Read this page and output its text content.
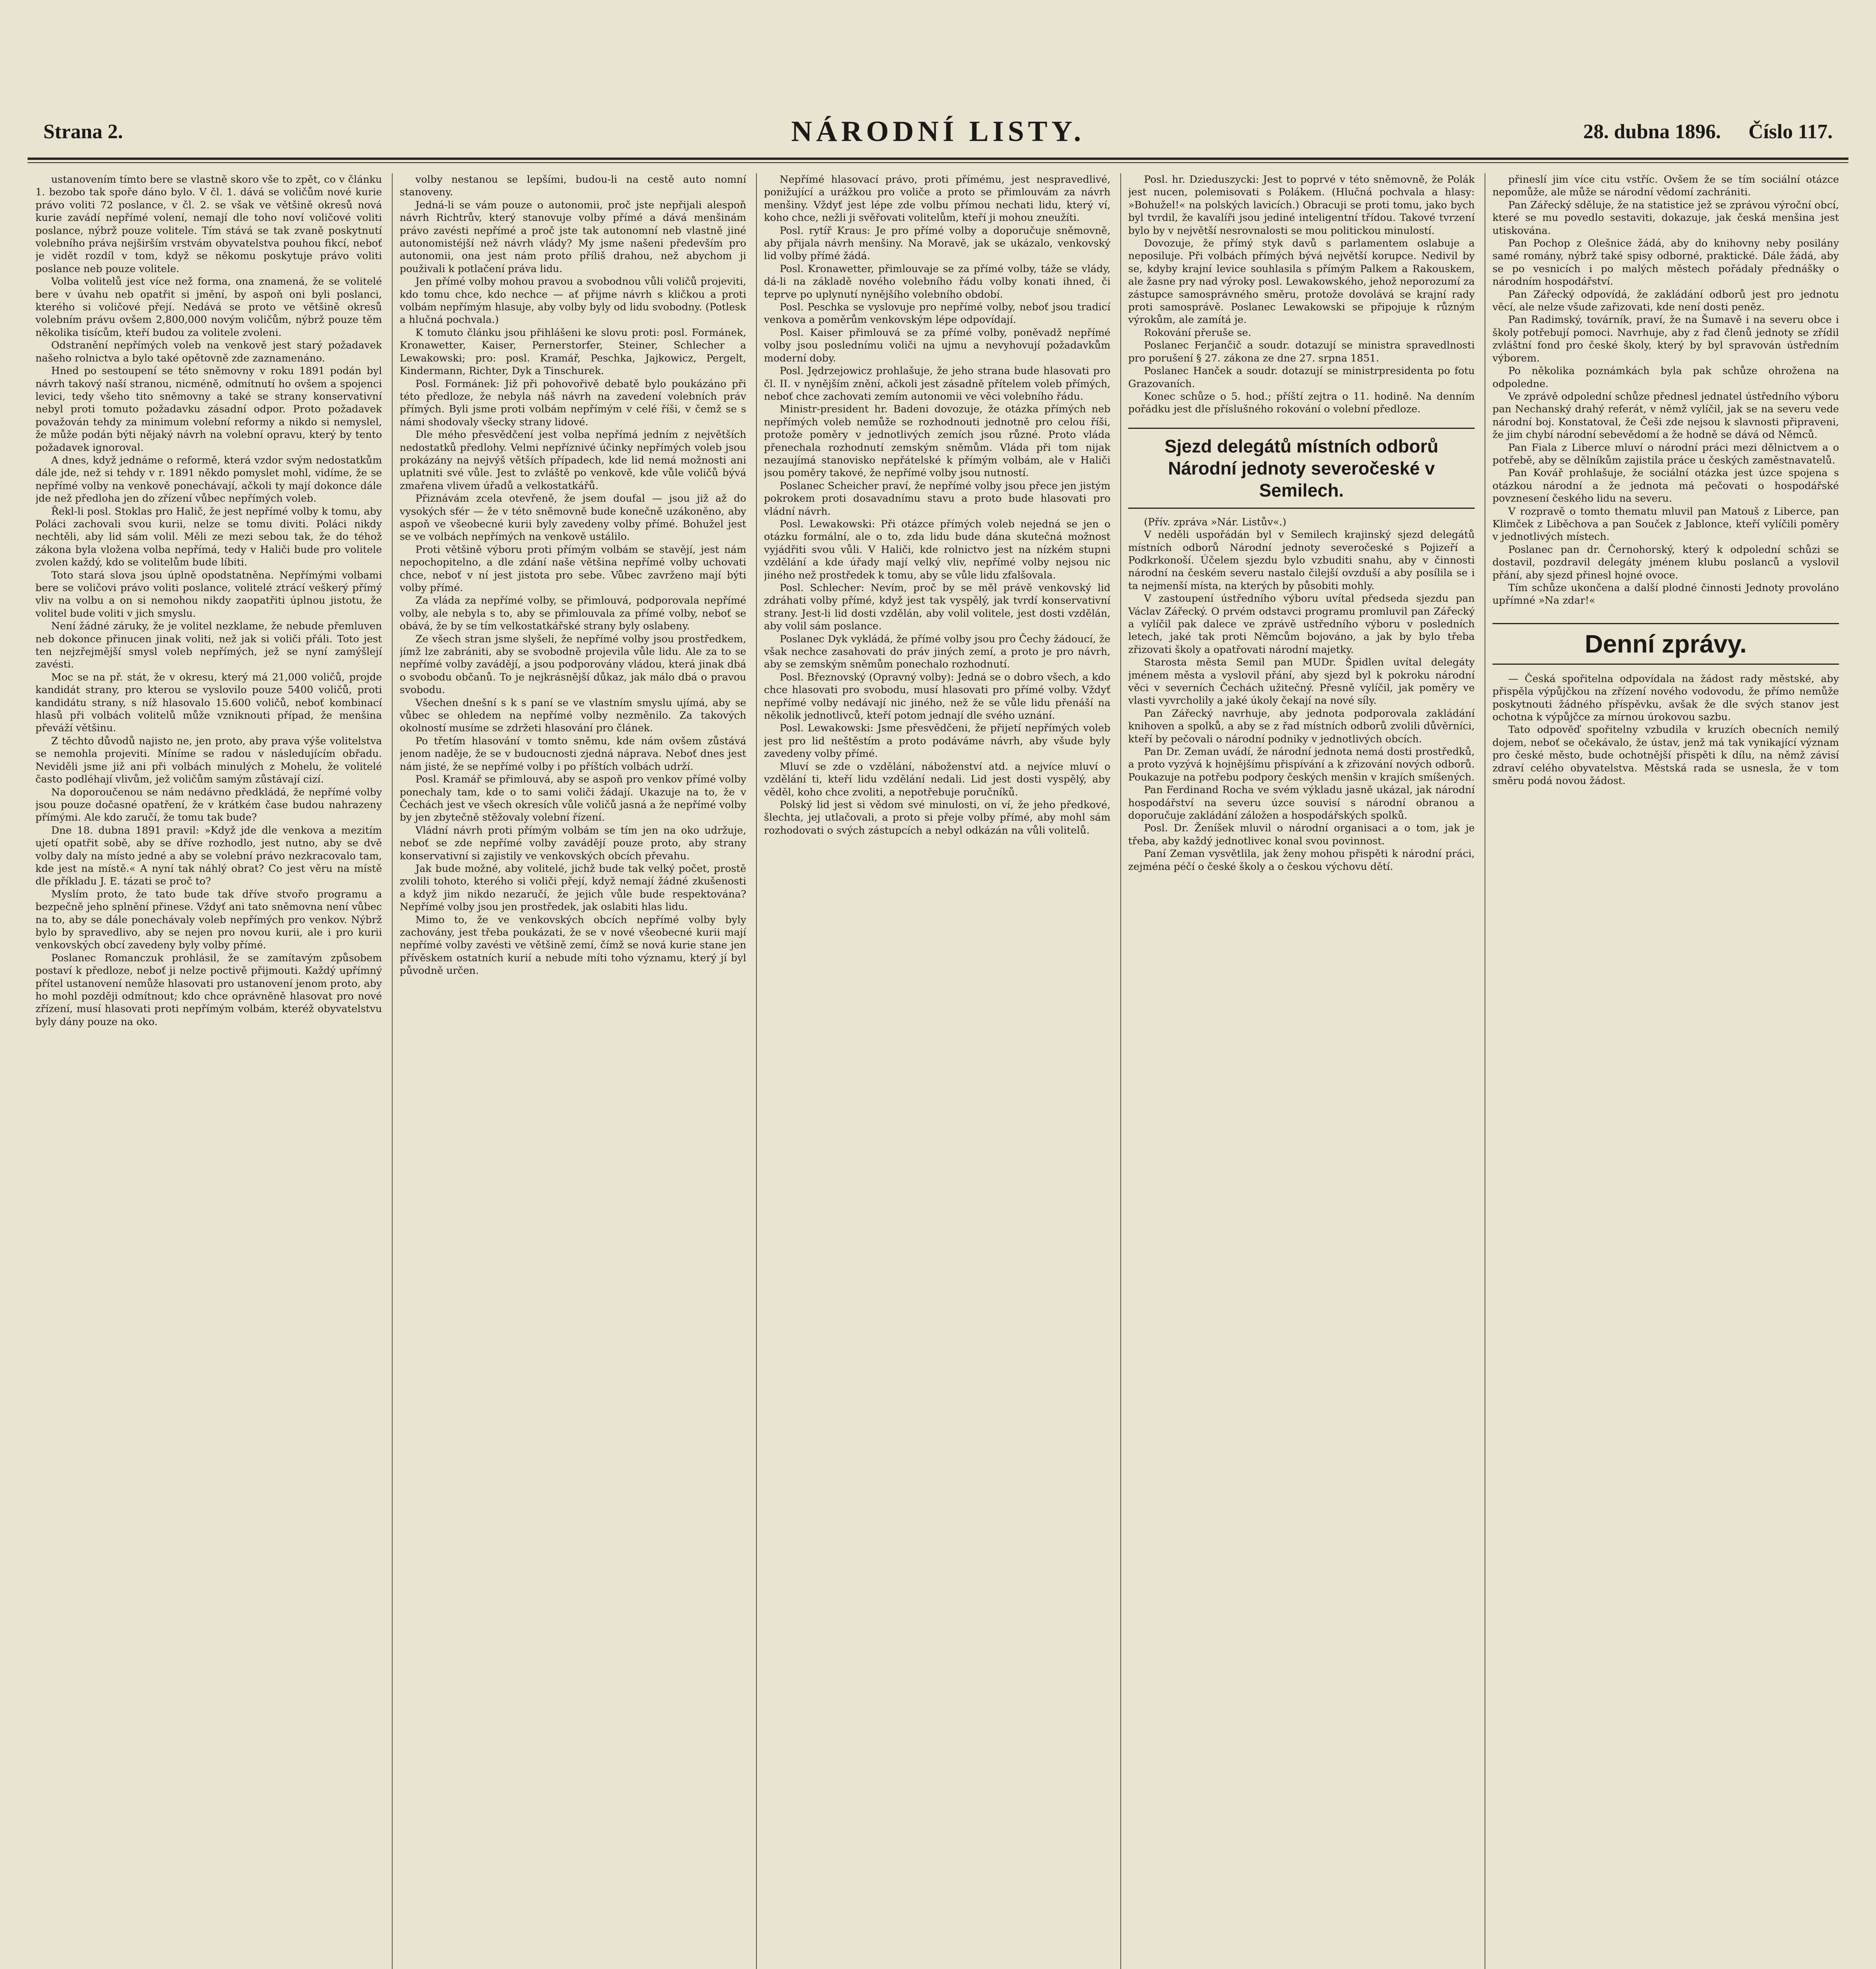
Strana 2.	NÁRODNÍ LISTY.	28. dubna 1896. Číslo 117.

ustanovením tímto bere se vlastně skoro vše to zpět, co v článku 1. bezobo tak spoře dáno bylo. V čl. 1. dává se voličům nové kurie právo voliti 72 poslance, v čl. 2. se však ve většině okresů nová kurie zavádí nepřímé volení, nemají dle toho noví voličové voliti poslance, nýbrž pouze volitele. Tím stává se tak zvaně poskytnutí volebního práva nejširším vrstvám obyvatelstva pouhou fikcí, neboť je vidět rozdíl v tom, když se někomu poskytuje právo voliti poslance neb pouze volitele.

Volba volitelů jest více než forma, ona znamená, že se volitelé bere v úvahu neb opatřit si jmění, by aspoň oni byli poslanci, kterého si voličové přejí. Nedává se proto ve většině okresů volebním právu ovšem 2,800,000 novým voličům, nýbrž pouze těm několika tisícům, kteří budou za volitele zvoleni.

Odstranění nepřímých voleb na venkově jest starý požadavek našeho rolnictva a bylo také opětovně zde zaznamenáno.

Hned po sestoupení se této sněmovny v roku 1891 podán byl návrh takový naší stranou, nicméně, odmítnutí ho ovšem a spojenci levici, tedy všeho tito sněmovny a také se strany konservativní nebyl proti tomuto požadavku zásadní odpor. Proto požadavek považován tehdy za minimum volební reformy a nikdo si nemyslel, že může podán býti nějaký návrh na volební opravu, který by tento požadavek ignoroval.

A dnes, když jednáme o reformě, která vzdor svým nedostatkům dále jde, než si tehdy v r. 1891 někdo pomyslet mohl, vidíme, že se nepřímé volby na venkově ponechávají, ačkoli ty mají dokonce dále jde než předloha jen do zřízení vůbec nepřímých voleb.

Řekl-li posl. Stoklas pro Halič, že jest nepřímé volby k tomu, aby Poláci zachovali svou kurii, nelze se tomu diviti. Poláci nikdy nechtěli, aby lid sám volil. Měli ze mezi sebou tak, že do téhož zákona byla vložena volba nepřímá, tedy v Haliči bude pro volitele zvolen každý, kdo se volitelům bude líbiti.

Toto stará slova jsou úplně opodstatněna. Nepřímými volbami bere se voličovi právo voliti poslance, volitelé ztrácí veškerý přímý vliv na volbu a on si nemohou nikdy zaopatřiti úplnou jistotu, že volitel bude voliti v jich smyslu.

Není žádné záruky, že je volitel nezklame, že nebude přemluven neb dokonce přinucen jinak voliti, než jak si voliči přáli. Toto jest ten nejzřejmější smysl voleb nepřímých, jež se nyní zamýšlejí zavésti.

Moc se na př. stát, že v okresu, který má 21,000 voličů, projde kandidát strany, pro kterou se vyslovilo pouze 5400 voličů, proti kandidátu strany, s níž hlasovalo 15.600 voličů, neboť kombinací hlasů při volbách volitelů může vzniknouti případ, že menšina převáží většinu.

Z těchto důvodů najisto ne, jen proto, aby prava výše volitelstva se nemohla projeviti. Míníme se radou v následujícím obřadu. Neviděli jsme již ani při volbách minulých z Mohelu, že volitelé často podléhají vlivům, jež voličům samým zůstávají cizí.

Na doporoučenou se nám nedávno předkládá, že nepřímé volby jsou pouze dočasné opatření, že v krátkém čase budou nahrazeny přímými. Ale kdo zaručí, že tomu tak bude?

Dne 18. dubna 1891 pravil: »Když jde dle venkova a mezitím ujetí opatřit sobě, aby se dříve rozhodlo, jest nutno, aby se dvě volby daly na místo jedné a aby se volební právo nezkracovalo tam, kde jest na místě.« A nyní tak náhlý obrat? Co jest věru na místě dle příkladu J. E. tázati se proč to?

Myslím proto, že tato bude tak dříve stvořo programu a bezpečně jeho splnění přinese. Vždyť ani tato sněmovna není vůbec na to, aby se dále ponechávaly voleb nepřímých pro venkov. Nýbrž bylo by spravedlivo, aby se nejen pro novou kurii, ale i pro kurii venkovských obcí zavedeny byly volby přímé.

Poslanec Romanczuk prohlásil, že se zamítavým způsobem postaví k předloze, neboť ji nelze poctivě přijmouti. Každý upřímný přítel ustanovení nemůže hlasovati pro ustanovení jenom proto, aby ho mohl později odmítnout; kdo chce oprávněně hlasovat pro nové zřízení, musí hlasovati proti nepřímým volbám, kteréž obyvatelstvu byly dány pouze na oko.

volby nestanou se lepšími, budou-li na cestě auto nomní stanoveny.

Jedná-li se vám pouze o autonomii, proč jste nepřijali alespoň návrh Richtrův, který stanovuje volby přímé a dává menšinám právo zavésti nepřímé a proč jste tak autonomní neb vlastně jiné autonomistéjší než návrh vlády? My jsme našeni především pro autonomii, ona jest nám proto příliš drahou, než abychom ji použivali k potlačení práva lidu.

Jen přímé volby mohou pravou a svobodnou vůli voličů projeviti, kdo tomu chce, kdo nechce — ať přijme návrh s kličkou a proti volbám nepřímým hlasuje, aby volby byly od lidu svobodny. (Potlesk a hlučná pochvala.)

K tomuto článku jsou přihlášeni ke slovu proti: posl. Formánek, Kronawetter, Kaiser, Pernerstorfer, Steiner, Schlecher a Lewakowski; pro: posl. Kramář, Peschka, Jajkowicz, Pergelt, Kindermann, Richter, Dyk a Tinschurek.

Posl. Formánek: Již při pohovořivě debatě bylo poukázáno při této předloze, že nebyla náš návrh na zavedení volebních práv přímých. Byli jsme proti volbám nepřímým v celé říši, v čemž se s námi shodovaly všecky strany lidové.

Dle mého přesvědčení jest volba nepřímá jedním z největších nedostatků předlohy. Velmi nepříznivé účinky nepřímých voleb jsou prokázány na nejvýš větších případech, kde lid nemá možnosti ani uplatniti své vůle. Jest to zvláště po venkově, kde vůle voličů bývá zmařena vlivem úřadů a velkostatkářů.

Přiznávám zcela otevřeně, že jsem doufal — jsou již až do vysokých sfér — že v této sněmovně bude konečně uzákoněno, aby aspoň ve všeobecné kurii byly zavedeny volby přímé. Bohužel jest se ve volbách nepřímých na venkově ustálilo.

Proti většině výboru proti přímým volbám se stavějí, jest nám nepochopitelno, a dle zdání naše většina nepřímé volby uchovati chce, neboť v ní jest jistota pro sebe. Vůbec zavrženo mají býti volby přímé.

Za vláda za nepřímé volby, se přimlouvá, podporovala nepřímé volby, ale nebyla s to, aby se přimlouvala za přímé volby, neboť se obává, že by se tím velkostatkářské strany byly oslabeny.

Ze všech stran jsme slyšeli, že nepřímé volby jsou prostředkem, jímž lze zabrániti, aby se svobodně projevila vůle lidu. Ale za to se nepřímé volby zavádějí, a jsou podporovány vládou, která jinak dbá o svobodu občanů. To je nejkrásnější důkaz, jak málo dbá o pravou svobodu.

Všechen dnešní s k s paní se ve vlastním smyslu ujímá, aby se vůbec se ohledem na nepřímé volby nezměnilo. Za takových okolností musíme se zdržeti hlasování pro článek.

Po třetím hlasování v tomto sněmu, kde nám ovšem zůstává jenom naděje, že se v budoucnosti zjedná náprava. Neboť dnes jest nám jisté, že se nepřímé volby i po příštích volbách udrží.

Posl. Kramář se přimlouvá, aby se aspoň pro venkov přímé volby ponechaly tam, kde o to sami voliči žádají. Ukazuje na to, že v Čechách jest ve všech okresích vůle voličů jasná a že nepřímé volby by jen zbytečně stěžovaly volební řízení.

Vládní návrh proti přímým volbám se tím jen na oko udržuje, neboť se zde nepřímé volby zavádějí pouze proto, aby strany konservativní si zajistily ve venkovských obcích převahu.

Jak bude možné, aby volitelé, jichž bude tak velký počet, prostě zvolili tohoto, kterého si voliči přejí, když nemají žádné zkušenosti a když jim nikdo nezaručí, že jejich vůle bude respektována? Nepřímé volby jsou jen prostředek, jak oslabiti hlas lidu.

Mimo to, že ve venkovských obcích nepřímé volby byly zachovány, jest třeba poukázati, že se v nové všeobecné kurii mají nepřímé volby zavésti ve většině zemí, čímž se nová kurie stane jen přívěskem ostatních kurií a nebude míti toho významu, který jí byl původně určen.

Nepřímé hlasovací právo, proti přímému, jest nespravedlivé, ponižující a urážkou pro voliče a proto se přimlouvám za návrh menšiny. Vždyť jest lépe zde volbu přímou nechati lidu, který ví, koho chce, nežli ji svěřovati volitelům, kteří ji mohou zneužíti.

Posl. rytíř Kraus: Je pro přímé volby a doporučuje sněmovně, aby přijala návrh menšiny. Na Moravě, jak se ukázalo, venkovský lid volby přímé žádá.

Posl. Kronawetter, přimlouvaje se za přímé volby, táže se vlády, dá-li na základě nového volebního řádu volby konati ihned, či teprve po uplynutí nynějšího volebního období.

Posl. Peschka se vyslovuje pro nepřímé volby, neboť jsou tradicí venkova a poměrům venkovským lépe odpovídají.

Posl. Kaiser přimlouvá se za přímé volby, poněvadž nepřímé volby jsou poslednímu voliči na ujmu a nevyhovují požadavkům moderní doby.

Posl. Jędrzejowicz prohlašuje, že jeho strana bude hlasovati pro čl. II. v nynějším znění, ačkoli jest zásadně přítelem voleb přímých, neboť chce zachovati zemím autonomii ve věci volebního řádu.

Ministr-president hr. Badeni dovozuje, že otázka přímých neb nepřímých voleb nemůže se rozhodnouti jednotně pro celou říši, protože poměry v jednotlivých zemích jsou různé. Proto vláda přenechala rozhodnutí zemským sněmům. Vláda při tom nijak nezaujímá stanovisko nepřátelské k přímým volbám, ale v Haliči jsou poměry takové, že nepřímé volby jsou nutností.

Poslanec Scheicher praví, že nepřímé volby jsou přece jen jistým pokrokem proti dosavadnímu stavu a proto bude hlasovati pro vládní návrh.

Posl. Lewakowski: Při otázce přímých voleb nejedná se jen o otázku formální, ale o to, zda lidu bude dána skutečná možnost vyjádřiti svou vůli. V Haliči, kde rolnictvo jest na nízkém stupni vzdělání a kde úřady mají velký vliv, nepřímé volby nejsou nic jiného než prostředek k tomu, aby se vůle lidu zfalšovala.

Posl. Schlecher: Nevím, proč by se měl právě venkovský lid zdráhati volby přímé, když jest tak vyspělý, jak tvrdí konservativní strany. Jest-li lid dosti vzdělán, aby volil volitele, jest dosti vzdělán, aby volil sám poslance.

Poslanec Dyk vykládá, že přímé volby jsou pro Čechy žádoucí, že však nechce zasahovati do práv jiných zemí, a proto je pro návrh, aby se zemským sněmům ponechalo rozhodnutí.

Posl. Březnovský (Opravný volby): Jedná se o dobro všech, a kdo chce hlasovati pro svobodu, musí hlasovati pro přímé volby. Vždyť nepřímé volby nedávají nic jiného, než že se vůle lidu přenáší na několik jednotlivců, kteří potom jednají dle svého uznání.

Posl. Lewakowski: Jsme přesvědčeni, že přijetí nepřímých voleb jest pro lid neštěstím a proto podáváme návrh, aby všude byly zavedeny volby přímé.

Mluví se zde o vzdělání, náboženství atd. a nejvíce mluví o vzdělání ti, kteří lidu vzdělání nedali. Lid jest dosti vyspělý, aby věděl, koho chce zvoliti, a nepotřebuje poručníků.

Polský lid jest si vědom své minulosti, on ví, že jeho předkové, šlechta, jej utlačovali, a proto si přeje volby přímé, aby mohl sám rozhodovati o svých zástupcích a nebyl odkázán na vůli volitelů.

Posl. hr. Dzieduszycki: Jest to poprvé v této sněmovně, že Polák jest nucen, polemisovati s Polákem. (Hlučná pochvala a hlasy: »Bohužel!« na polských lavicích.) Obracuji se proti tomu, jako bych byl tvrdil, že kavalíři jsou jediné inteligentní třídou. Takové tvrzení bylo by v největší nesrovnalosti se mou politickou minulostí.

Dovozuje, že přímý styk davů s parlamentem oslabuje a neposiluje. Při volbách přímých bývá největší korupce. Nedivil by se, kdyby krajní levice souhlasila s přímým Palkem a Rakouskem, ale žasne pry nad výroky posl. Lewakowského, jehož neporozumí za zástupce samosprávného směru, protože dovolává se krajní rady proti samosprávě. Poslanec Lewakowski se připojuje k různým výrokům, ale zamítá je.

Rokování přeruše se.

Poslanec Ferjančič a soudr. dotazují se ministra spravedlnosti pro porušení § 27. zákona ze dne 27. srpna 1851.

Poslanec Hanček a soudr. dotazují se ministrpresidenta po fotu Grazovaních.

Konec schůze o 5. hod.; příští zejtra o 11. hodině. Na denním pořádku jest dle příslušného rokování o volební předloze.

Sjezd delegátů místních odborů Národní jednoty severočeské v Semilech.

(Přív. zpráva »Nár. Listův«.)

V neděli uspořádán byl v Semilech krajinský sjezd delegátů místních odborů Národní jednoty severočeské s Pojizeří a Podkrkonoší. Účelem sjezdu bylo vzbuditi snahu, aby v činnosti národní na českém severu nastalo čilejší ovzduší a aby posílila se i ta nejmenší místa, na kterých by působiti mohly.

V zastoupení ústředního výboru uvítal předseda sjezdu pan Václav Zářecký. O prvém odstavci programu promluvil pan Zářecký a vylíčil pak dalece ve zprávě ustředního výboru v posledních letech, jaké tak proti Němcům bojováno, a jak by bylo třeba zřizovati školy a opatřovati národní majetky.

Starosta města Semil pan MUDr. Špidlen uvítal delegáty jménem města a vyslovil přání, aby sjezd byl k pokroku národní věci v severních Čechách užitečný. Přesně vylíčil, jak poměry ve vlasti vyvrcholily a jaké úkoly čekají na nové síly.

Pan Zářecký navrhuje, aby jednota podporovala zakládání knihoven a spolků, a aby se z řad místních odborů zvolili důvěrníci, kteří by pečovali o národní podniky v jednotlivých obcích.

Pan Dr. Zeman uvádí, že národní jednota nemá dosti prostředků, a proto vyzývá k hojnějšímu přispívání a k zřizování nových odborů. Poukazuje na potřebu podpory českých menšin v krajích smíšených.

Pan Ferdinand Rocha ve svém výkladu jasně ukázal, jak národní hospodářství na severu úzce souvisí s národní obranou a doporučuje zakládání záložen a hospodářských spolků.

Posl. Dr. Ženíšek mluvil o národní organisaci a o tom, jak je třeba, aby každý jednotlivec konal svou povinnost.

Paní Zeman vysvětlila, jak ženy mohou přispěti k národní práci, zejména péčí o české školy a o českou výchovu dětí.

přineslí jim více citu vstříc. Ovšem že se tím sociální otázce nepomůže, ale může se národní vědomí zachrániti.

Pan Zářecký sděluje, že na statistice jež se zprávou výroční obcí, které se mu povedlo sestaviti, dokazuje, jak česká menšina jest utiskována.

Pan Pochop z Olešnice žádá, aby do knihovny neby posilány samé romány, nýbrž také spisy odborné, praktické. Dále žádá, aby se po vesnicích i po malých městech pořádaly přednášky o národním hospodářství.

Pan Zářecký odpovídá, že zakládání odborů jest pro jednotu věcí, ale nelze všude zařizovati, kde není dosti peněz.

Pan Radimský, továrník, praví, že na Šumavě i na severu obce i školy potřebují pomoci. Navrhuje, aby z řad členů jednoty se zřídil zvláštní fond pro české školy, který by byl spravován ústředním výborem.

Po několika poznámkách byla pak schůze ohrožena na odpoledne.

Ve zprávě odpolední schůze přednesl jednatel ústředního výboru pan Nechanský drahý referát, v němž vylíčil, jak se na severu vede národní boj. Konstatoval, že Češi zde nejsou k slavnosti připraveni, že jim chybí národní sebevědomí a že hodně se dává od Němců.

Pan Fiala z Liberce mluví o národní práci mezi dělnictvem a o potřebě, aby se dělníkům zajistila práce u českých zaměstnavatelů.

Pan Kovář prohlašuje, že sociální otázka jest úzce spojena s otázkou národní a že jednota má pečovati o hospodářské povznesení českého lidu na severu.

V rozpravě o tomto thematu mluvil pan Matouš z Liberce, pan Klimček z Liběchova a pan Souček z Jablonce, kteří vylíčili poměry v jednotlivých místech.

Poslanec pan dr. Černohorský, který k odpolední schůzi se dostavil, pozdravil delegáty jménem klubu poslanců a vyslovil přání, aby sjezd přinesl hojné ovoce.

Tím schůze ukončena a další plodné činnosti Jednoty provoláno upřímné »Na zdar!«

Denní zprávy.

— Česká spořitelna odpovídala na žádost rady městské, aby přispěla výpůjčkou na zřízení nového vodovodu, že přímo nemůže poskytnouti žádného příspěvku, avšak že dle svých stanov jest ochotna k výpůjčce za mírnou úrokovou sazbu.

Tato odpověď spořitelny vzbudila v kruzích obecních nemilý dojem, neboť se očekávalo, že ústav, jenž má tak vynikající význam pro české město, bude ochotnější přispěti k dílu, na němž závisí zdraví celého obyvatelstva. Městská rada se usnesla, že v tom směru podá novou žádost.
